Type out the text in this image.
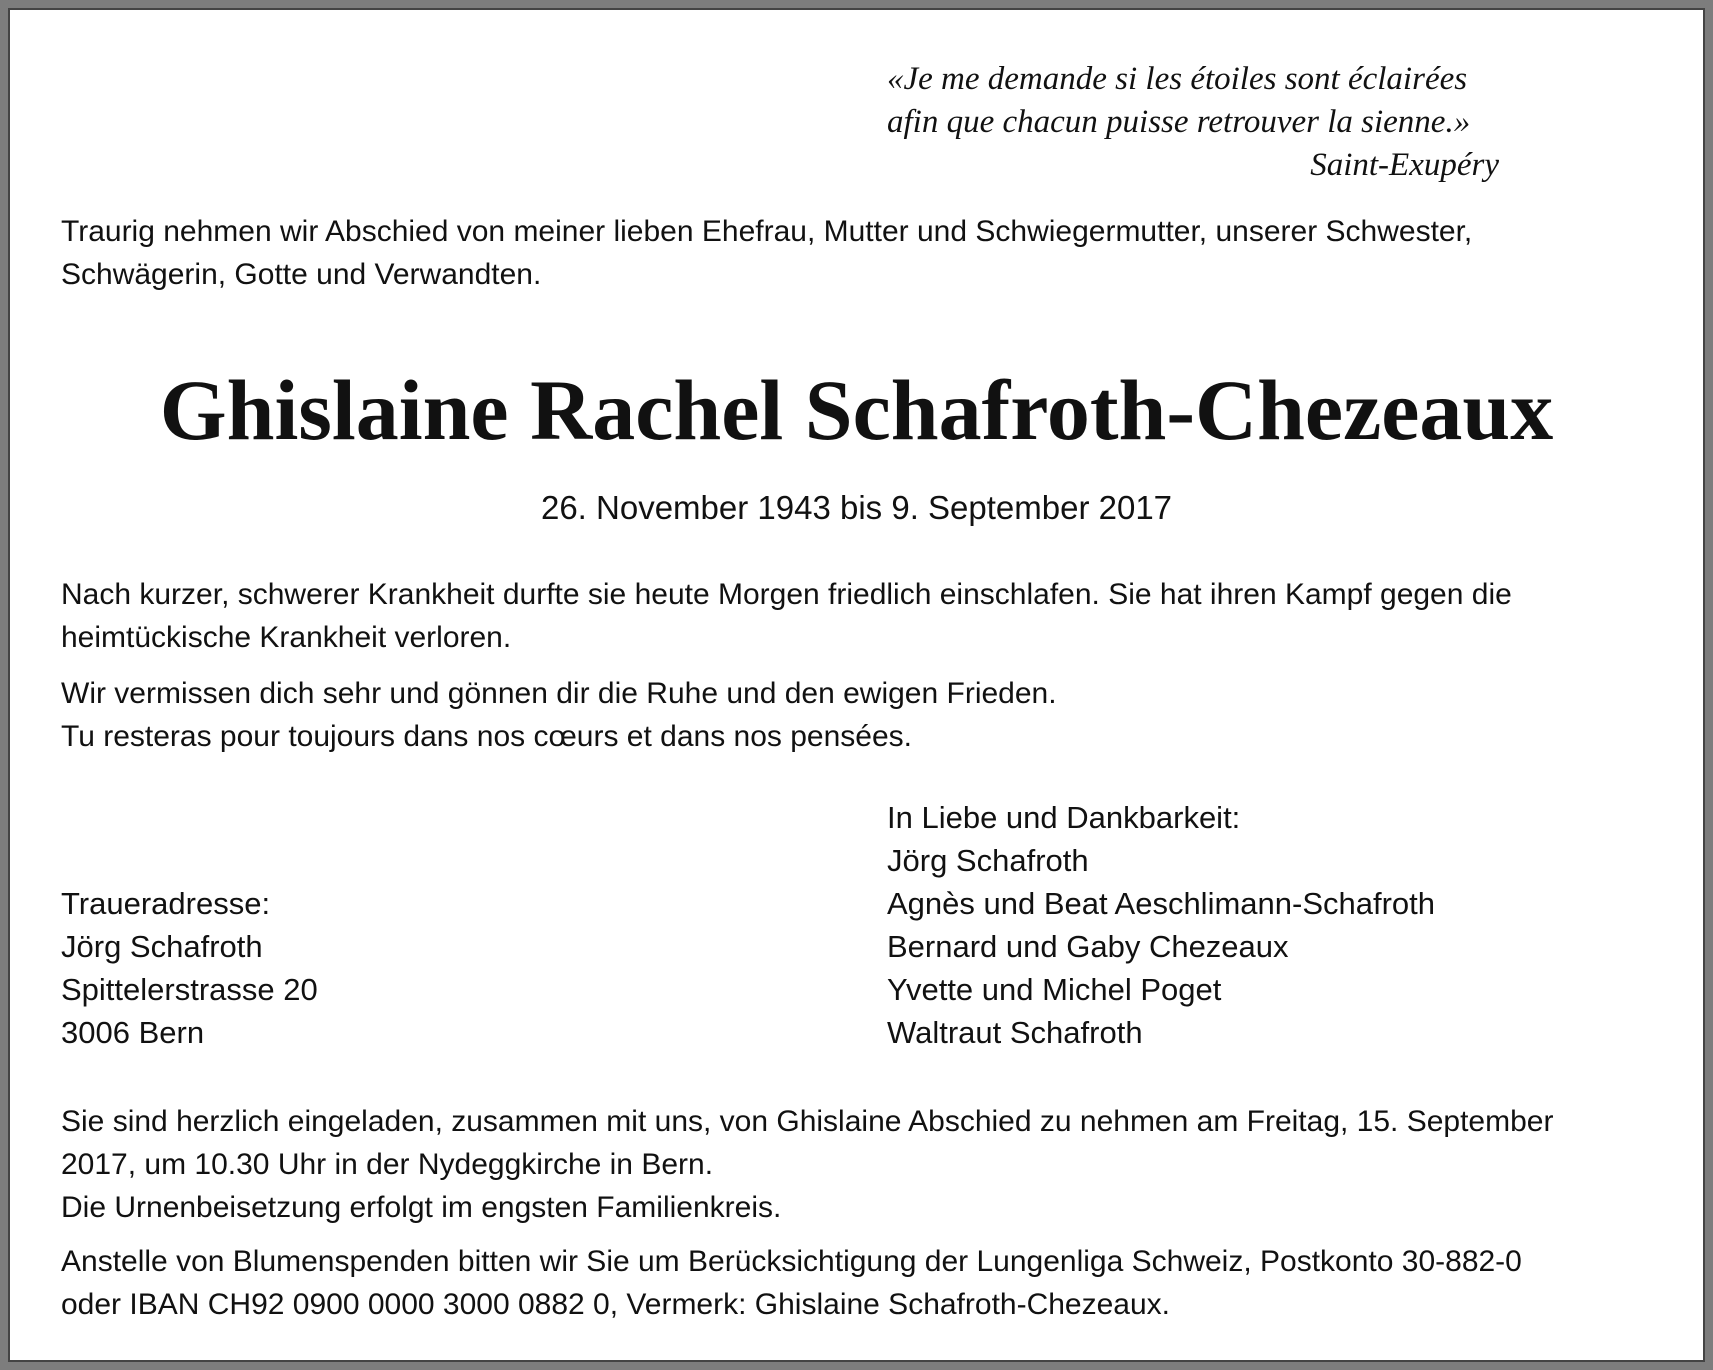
«Je me demande si les étoiles sont éclairées
afin que chacun puisse retrouver la sienne.»
Saint-Exupéry

Traurig nehmen wir Abschied von meiner lieben Ehefrau, Mutter und Schwiegermutter, unserer Schwester,
Schwägerin, Gotte und Verwandten.

Ghislaine Rachel Schafroth-Chezeaux

26. November 1943 bis 9. September 2017

Nach kurzer, schwerer Krankheit durfte sie heute Morgen friedlich einschlafen. Sie hat ihren Kampf gegen die
heimtückische Krankheit verloren.

Wir vermissen dich sehr und gönnen dir die Ruhe und den ewigen Frieden.
Tu resteras pour toujours dans nos cœurs et dans nos pensées.

In Liebe und Dankbarkeit:
Jörg Schafroth
Agnès und Beat Aeschlimann-Schafroth
Bernard und Gaby Chezeaux
Yvette und Michel Poget
Waltraut Schafroth
Traueradresse:
Jörg Schafroth
Spittelerstrasse 20
3006 Bern

Sie sind herzlich eingeladen, zusammen mit uns, von Ghislaine Abschied zu nehmen am Freitag, 15. September
2017, um 10.30 Uhr in der Nydeggkirche in Bern.
Die Urnenbeisetzung erfolgt im engsten Familienkreis.

Anstelle von Blumenspenden bitten wir Sie um Berücksichtigung der Lungenliga Schweiz, Postkonto 30-882-0
oder IBAN CH92 0900 0000 3000 0882 0, Vermerk: Ghislaine Schafroth-Chezeaux.
